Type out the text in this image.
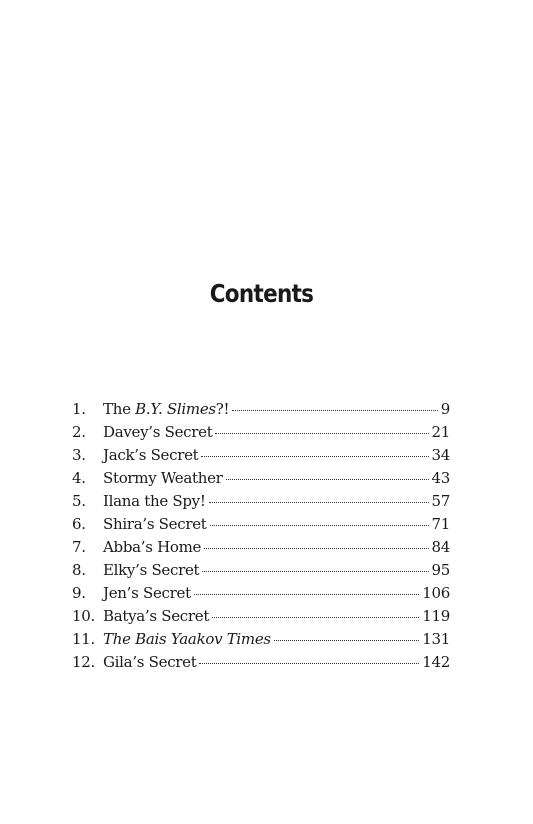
Contents
1.	The B.Y. Slimes?!	9
2.	Davey’s Secret	21
3.	Jack’s Secret	34
4.	Stormy Weather	43
5.	Ilana the Spy!	57
6.	Shira’s Secret	71
7.	Abba’s Home	84
8.	Elky’s Secret	95
9.	Jen’s Secret	106
10. Batya’s Secret	119
11. The Bais Yaakov Times	131
12. Gila’s Secret	142
